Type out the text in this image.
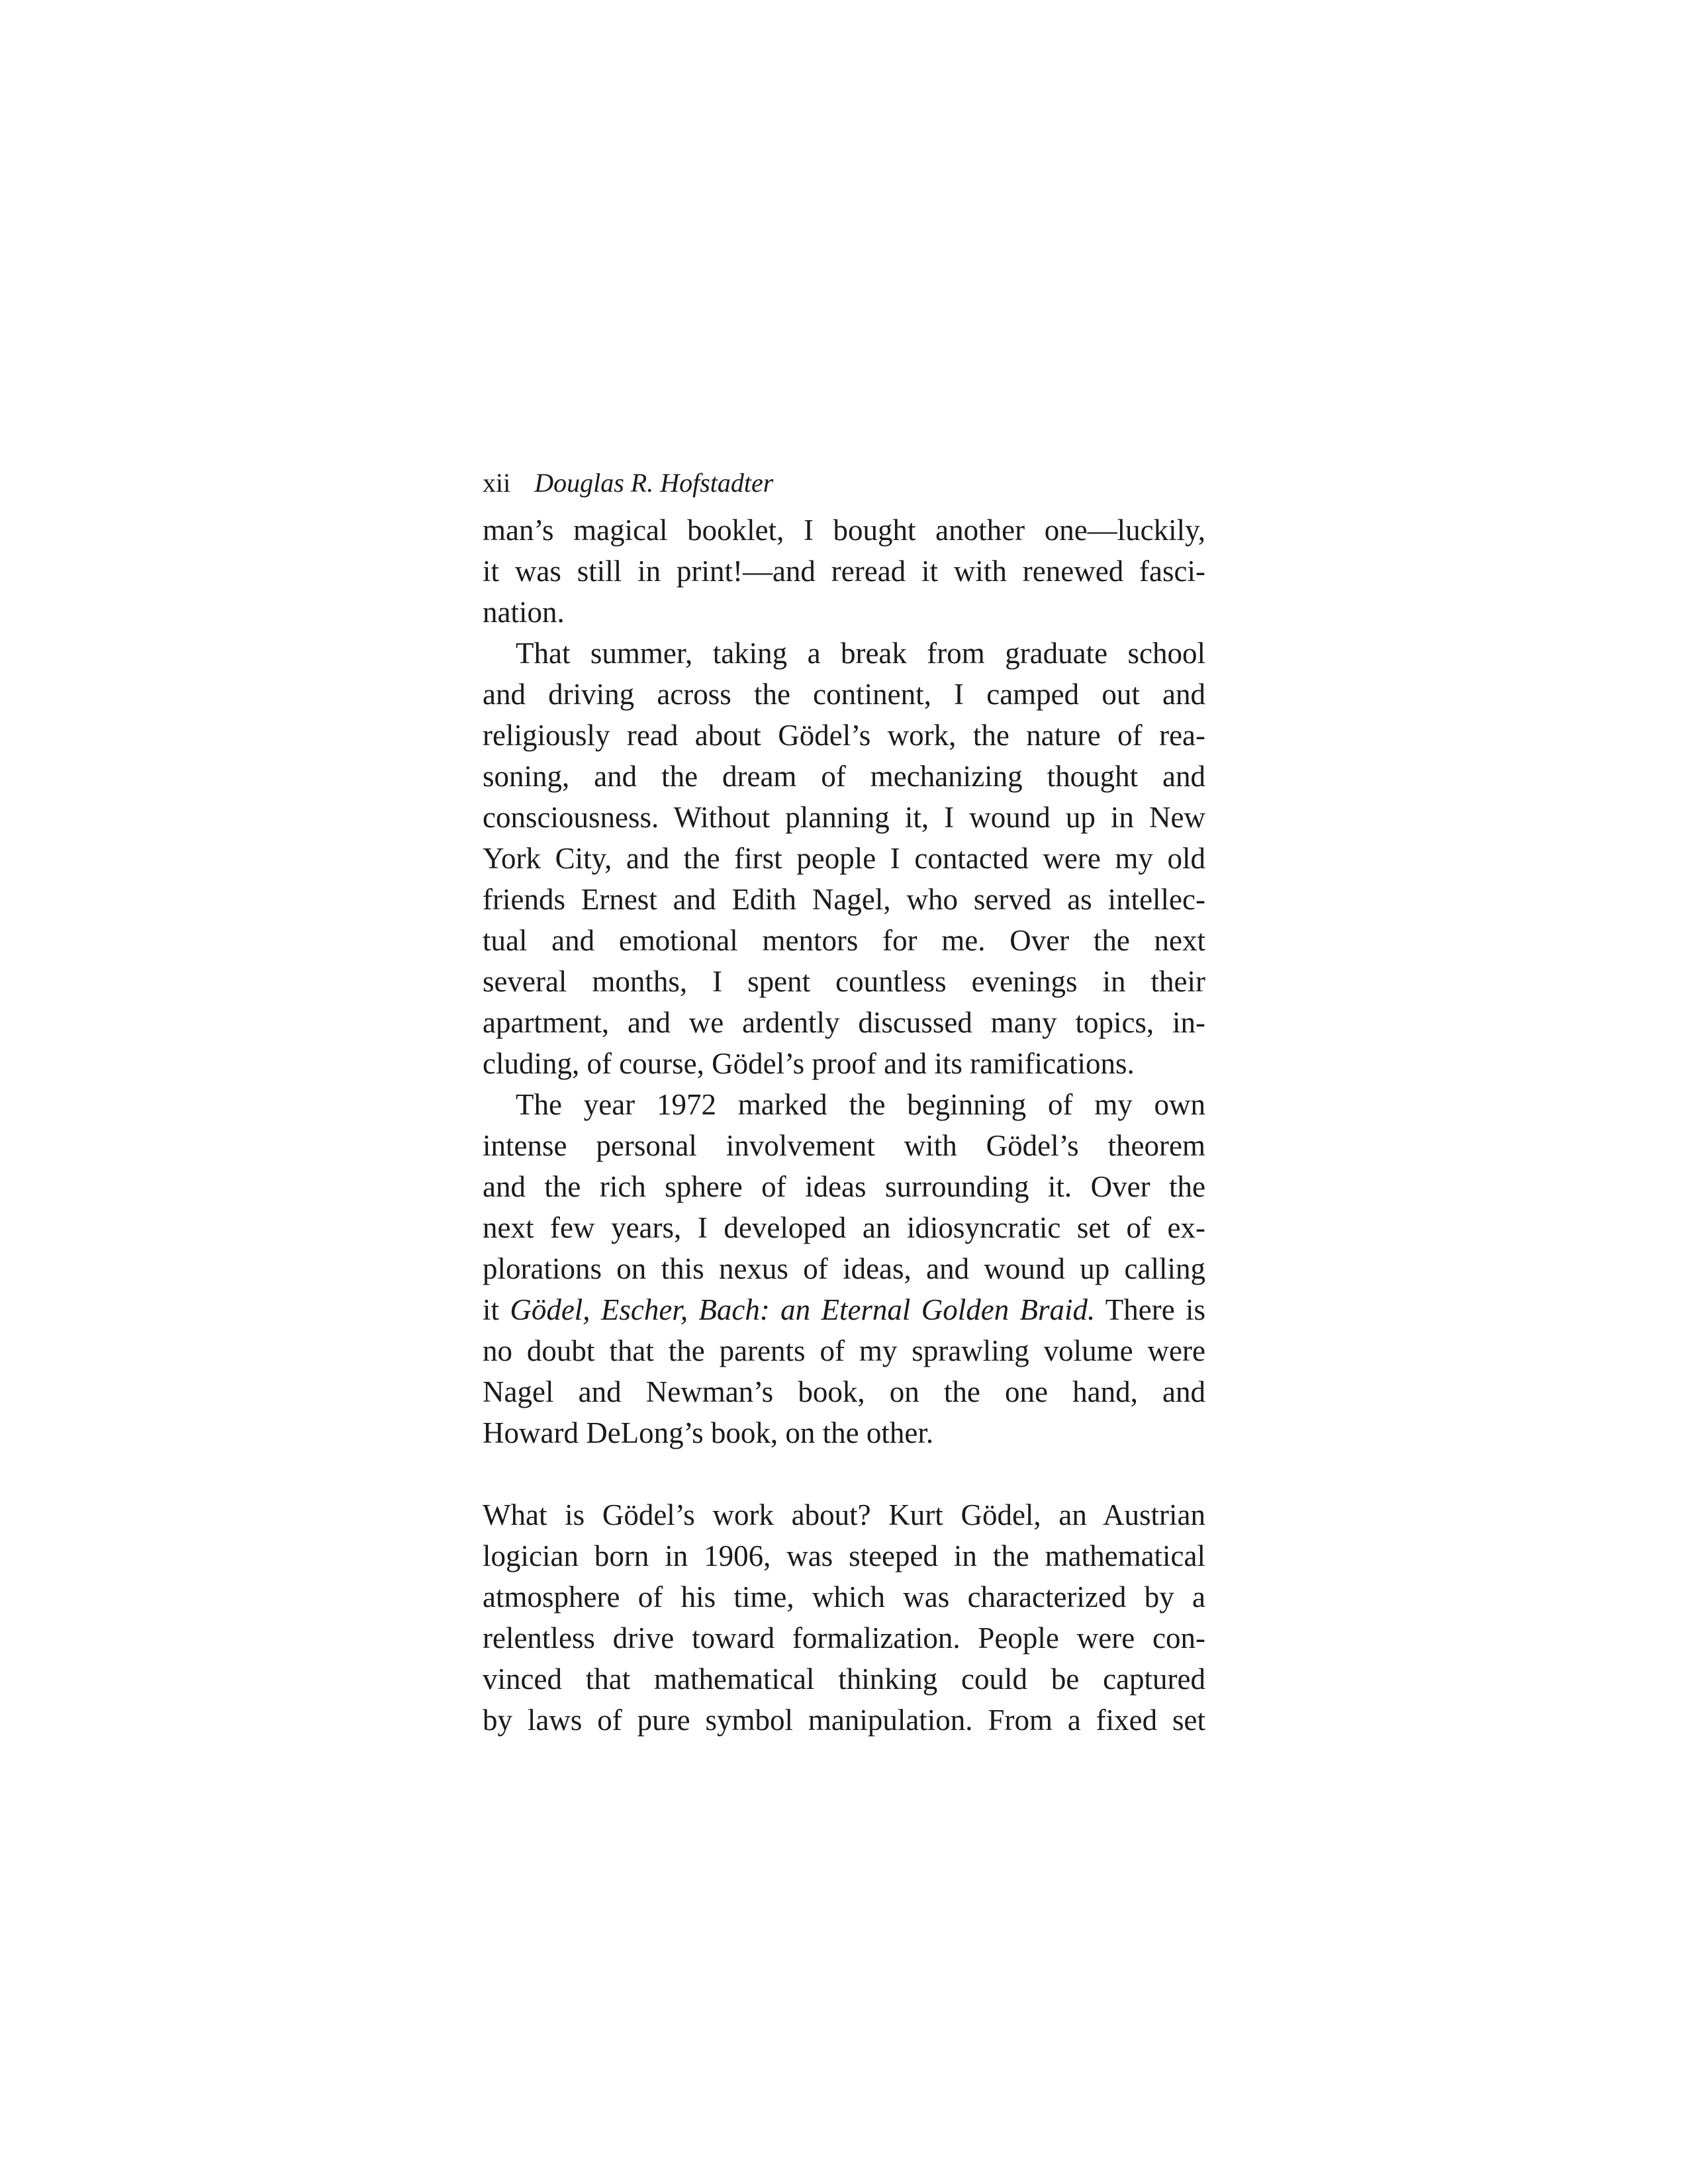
xii Douglas R. Hofstadter
man’s magical booklet, I bought another one—luckily,
it was still in print!—and reread it with renewed fasci-
nation.
That summer, taking a break from graduate school
and driving across the continent, I camped out and
religiously read about Gödel’s work, the nature of rea-
soning, and the dream of mechanizing thought and
consciousness. Without planning it, I wound up in New
York City, and the first people I contacted were my old
friends Ernest and Edith Nagel, who served as intellec-
tual and emotional mentors for me. Over the next
several months, I spent countless evenings in their
apartment, and we ardently discussed many topics, in-
cluding, of course, Gödel’s proof and its ramifications.
The year 1972 marked the beginning of my own
intense personal involvement with Gödel’s theorem
and the rich sphere of ideas surrounding it. Over the
next few years, I developed an idiosyncratic set of ex-
plorations on this nexus of ideas, and wound up calling
it Gödel, Escher, Bach: an Eternal Golden Braid. There is
no doubt that the parents of my sprawling volume were
Nagel and Newman’s book, on the one hand, and
Howard DeLong’s book, on the other.
What is Gödel’s work about? Kurt Gödel, an Austrian
logician born in 1906, was steeped in the mathematical
atmosphere of his time, which was characterized by a
relentless drive toward formalization. People were con-
vinced that mathematical thinking could be captured
by laws of pure symbol manipulation. From a fixed set
